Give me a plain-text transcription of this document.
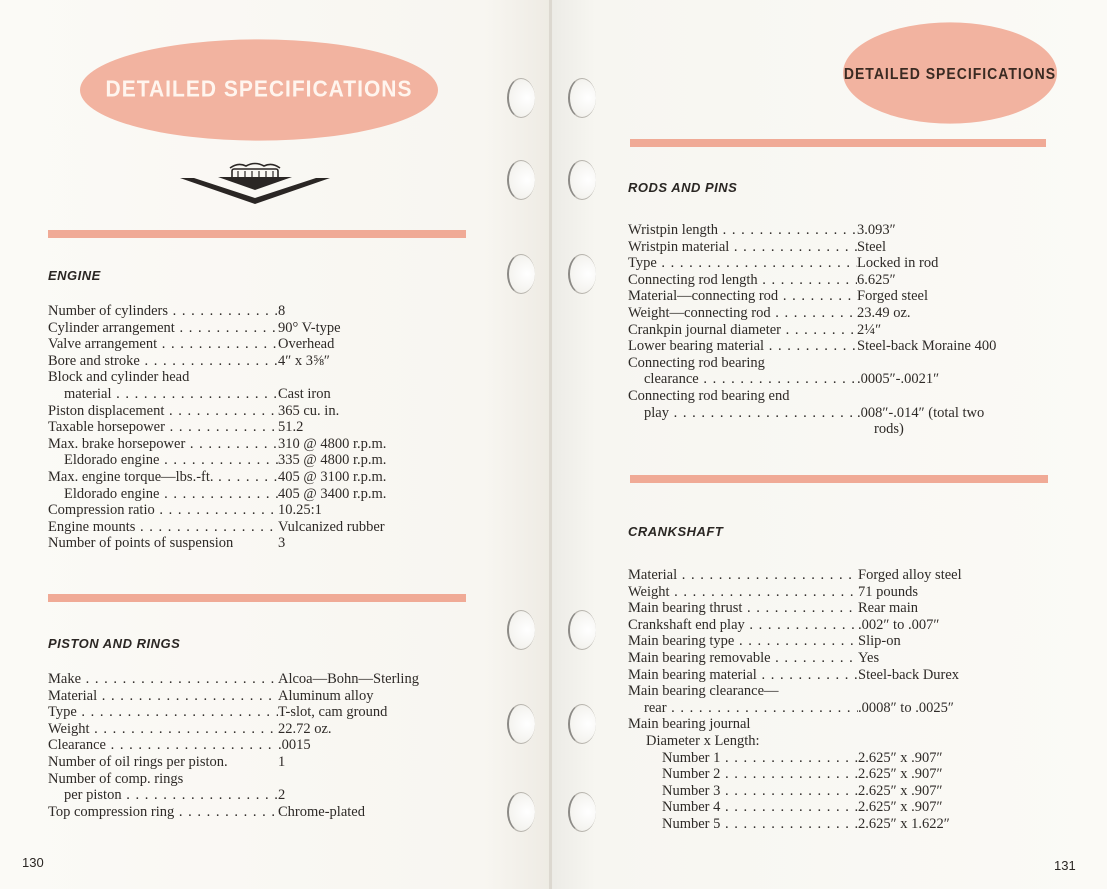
DETAILED SPECIFICATIONS
ENGINE
Number of cylinders . . .	8
Cylinder arrangement . . .	90° V-type
Valve arrangement . . .	Overhead
Bore and stroke . . .	4″ x 3⅝″
Block and cylinder head
material . . .	Cast iron
Piston displacement . . .	365 cu. in.
Taxable horsepower . . .	51.2
Max. brake horsepower . . .	310 @ 4800 r.p.m.
Eldorado engine . . .	335 @ 4800 r.p.m.
Max. engine torque—lbs.-ft. . . .	405 @ 3100 r.p.m.
Eldorado engine . . .	405 @ 3400 r.p.m.
Compression ratio . . .	10.25:1
Engine mounts . . .	Vulcanized rubber
Number of points of suspension	3
PISTON AND RINGS
Make . . .	Alcoa—Bohn—Sterling
Material . . .	Aluminum alloy
Type . . .	T-slot, cam ground
Weight . . .	22.72 oz.
Clearance . . .	.0015
Number of oil rings per piston.	1
Number of comp. rings
per piston . . .	2
Top compression ring . . .	Chrome-plated
130
DETAILED SPECIFICATIONS
RODS AND PINS
Wristpin length . . .	3.093″
Wristpin material . . .	Steel
Type . . .	Locked in rod
Connecting rod length . . .	6.625″
Material—connecting rod . . .	Forged steel
Weight—connecting rod . . .	23.49 oz.
Crankpin journal diameter . . .	2¼″
Lower bearing material . . .	Steel-back Moraine 400
Connecting rod bearing
clearance . . .	.0005″-.0021″
Connecting rod bearing end
play . . .	.008″-.014″ (total two
rods)
CRANKSHAFT
Material . . .	Forged alloy steel
Weight . . .	71 pounds
Main bearing thrust . . .	Rear main
Crankshaft end play . . .	.002″ to .007″
Main bearing type . . .	Slip-on
Main bearing removable . . .	Yes
Main bearing material . . .	Steel-back Durex
Main bearing clearance—
rear . . .	.0008″ to .0025″
Main bearing journal
Diameter x Length:
Number 1 . . .	2.625″ x .907″
Number 2 . . .	2.625″ x .907″
Number 3 . . .	2.625″ x .907″
Number 4 . . .	2.625″ x .907″
Number 5 . . .	2.625″ x 1.622″
131
